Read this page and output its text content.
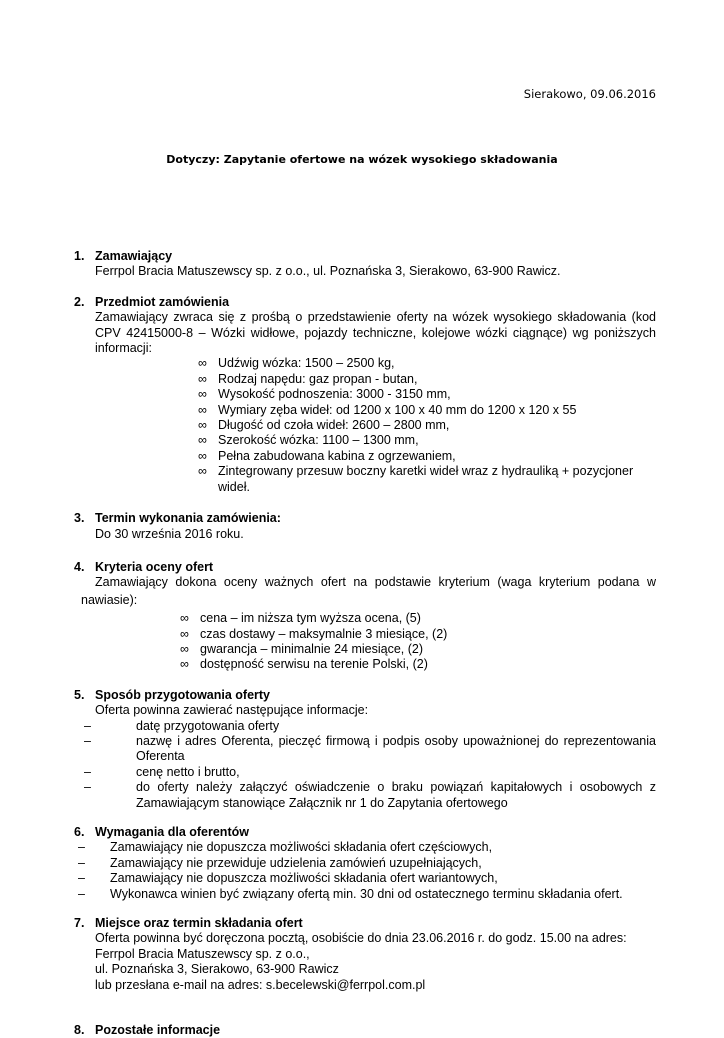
Sierakowo, 09.06.2016
Dotyczy: Zapytanie ofertowe na wózek wysokiego składowania
1. Zamawiający
Ferrpol Bracia Matuszewscy sp. z o.o., ul. Poznańska 3, Sierakowo, 63-900 Rawicz.
2. Przedmiot zamówienia
Zamawiający zwraca się z prośbą o przedstawienie oferty na wózek wysokiego składowania (kod CPV 42415000-8 – Wózki widłowe, pojazdy techniczne, kolejowe wózki ciągnące) wg poniższych informacji:
∞ Udźwig wózka: 1500 – 2500 kg,
∞ Rodzaj napędu: gaz propan - butan,
∞ Wysokość podnoszenia: 3000 - 3150 mm,
∞ Wymiary zęba wideł: od 1200 x 100 x 40 mm do 1200 x 120 x 55
∞ Długość od czoła wideł: 2600 – 2800 mm,
∞ Szerokość wózka: 1100 – 1300 mm,
∞ Pełna zabudowana kabina z ogrzewaniem,
∞ Zintegrowany przesuw boczny karetki wideł wraz z hydrauliką + pozycjoner wideł.
3. Termin wykonania zamówienia:
Do 30 września 2016 roku.
4. Kryteria oceny ofert
Zamawiający dokona oceny ważnych ofert na podstawie kryterium (waga kryterium podana w
nawiasie):
∞ cena – im niższa tym wyższa ocena, (5)
∞ czas dostawy – maksymalnie 3 miesiące, (2)
∞ gwarancja – minimalnie 24 miesiące, (2)
∞ dostępność serwisu na terenie Polski, (2)
5. Sposób przygotowania oferty
Oferta powinna zawierać następujące informacje:
–	datę przygotowania oferty
–	nazwę i adres Oferenta, pieczęć firmową i podpis osoby upoważnionej do reprezentowania Oferenta
–	cenę netto i brutto,
–	do oferty należy załączyć oświadczenie o braku powiązań kapitałowych i osobowych z Zamawiającym stanowiące Załącznik nr 1 do Zapytania ofertowego
6. Wymagania dla oferentów
– Zamawiający nie dopuszcza możliwości składania ofert częściowych,
– Zamawiający nie przewiduje udzielenia zamówień uzupełniających,
– Zamawiający nie dopuszcza możliwości składania ofert wariantowych,
– Wykonawca winien być związany ofertą min. 30 dni od ostatecznego terminu składania ofert.
7. Miejsce oraz termin składania ofert
Oferta powinna być doręczona pocztą, osobiście do dnia 23.06.2016 r. do godz. 15.00 na adres:
Ferrpol Bracia Matuszewscy sp. z o.o.,
ul. Poznańska 3, Sierakowo, 63-900 Rawicz
lub przesłana e-mail na adres: s.becelewski@ferrpol.com.pl
8. Pozostałe informacje
